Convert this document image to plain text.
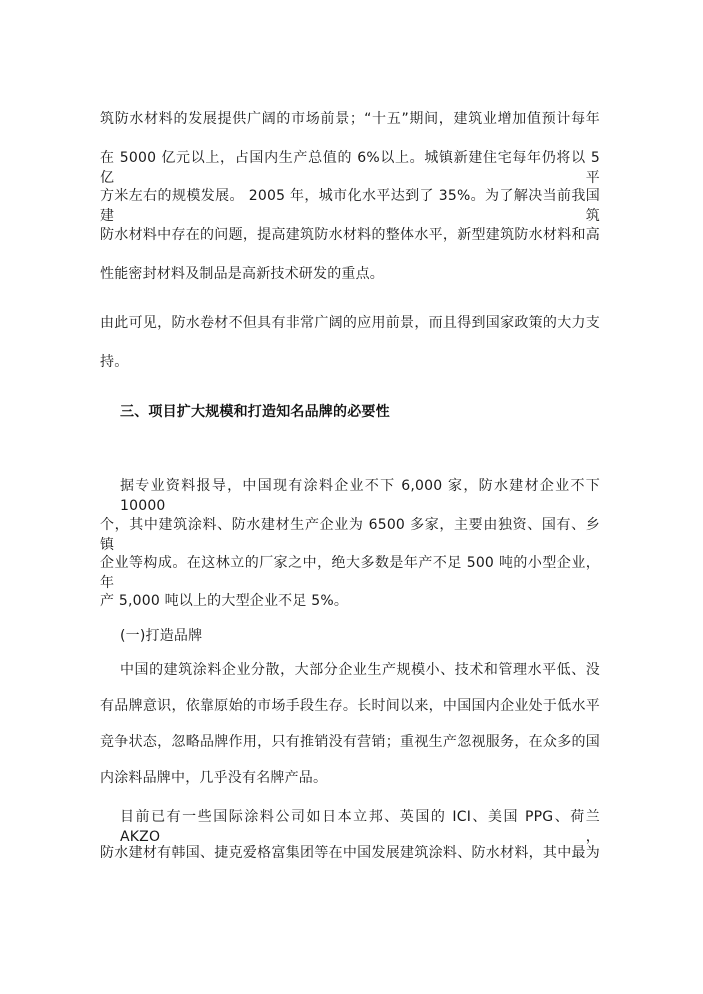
筑防水材料的发展提供广阔的市场前景；“十五”期间，建筑业增加值预计每年
在 5000 亿元以上，占国内生产总值的 6%以上。城镇新建住宅每年仍将以 5 亿平
方米左右的规模发展。 2005 年，城市化水平达到了 35%。为了解决当前我国建筑
防水材料中存在的问题，提高建筑防水材料的整体水平，新型建筑防水材料和高
性能密封材料及制品是高新技术研发的重点。
由此可见，防水卷材不但具有非常广阔的应用前景，而且得到国家政策的大力支
持。
三、项目扩大规模和打造知名品牌的必要性
据专业资料报导，中国现有涂料企业不下 6,000 家，防水建材企业不下 10000
个，其中建筑涂料、防水建材生产企业为 6500 多家，主要由独资、国有、乡镇
企业等构成。在这林立的厂家之中，绝大多数是年产不足 500 吨的小型企业，年
产 5,000 吨以上的大型企业不足 5%。
(一)打造品牌
中国的建筑涂料企业分散，大部分企业生产规模小、技术和管理水平低、没
有品牌意识，依靠原始的市场手段生存。长时间以来，中国国内企业处于低水平
竞争状态，忽略品牌作用，只有推销没有营销；重视生产忽视服务，在众多的国
内涂料品牌中，几乎没有名牌产品。
目前已有一些国际涂料公司如日本立邦、英国的 ICI、美国 PPG、荷兰 AKZO，
防水建材有韩国、捷克爱格富集团等在中国发展建筑涂料、防水材料，其中最为
